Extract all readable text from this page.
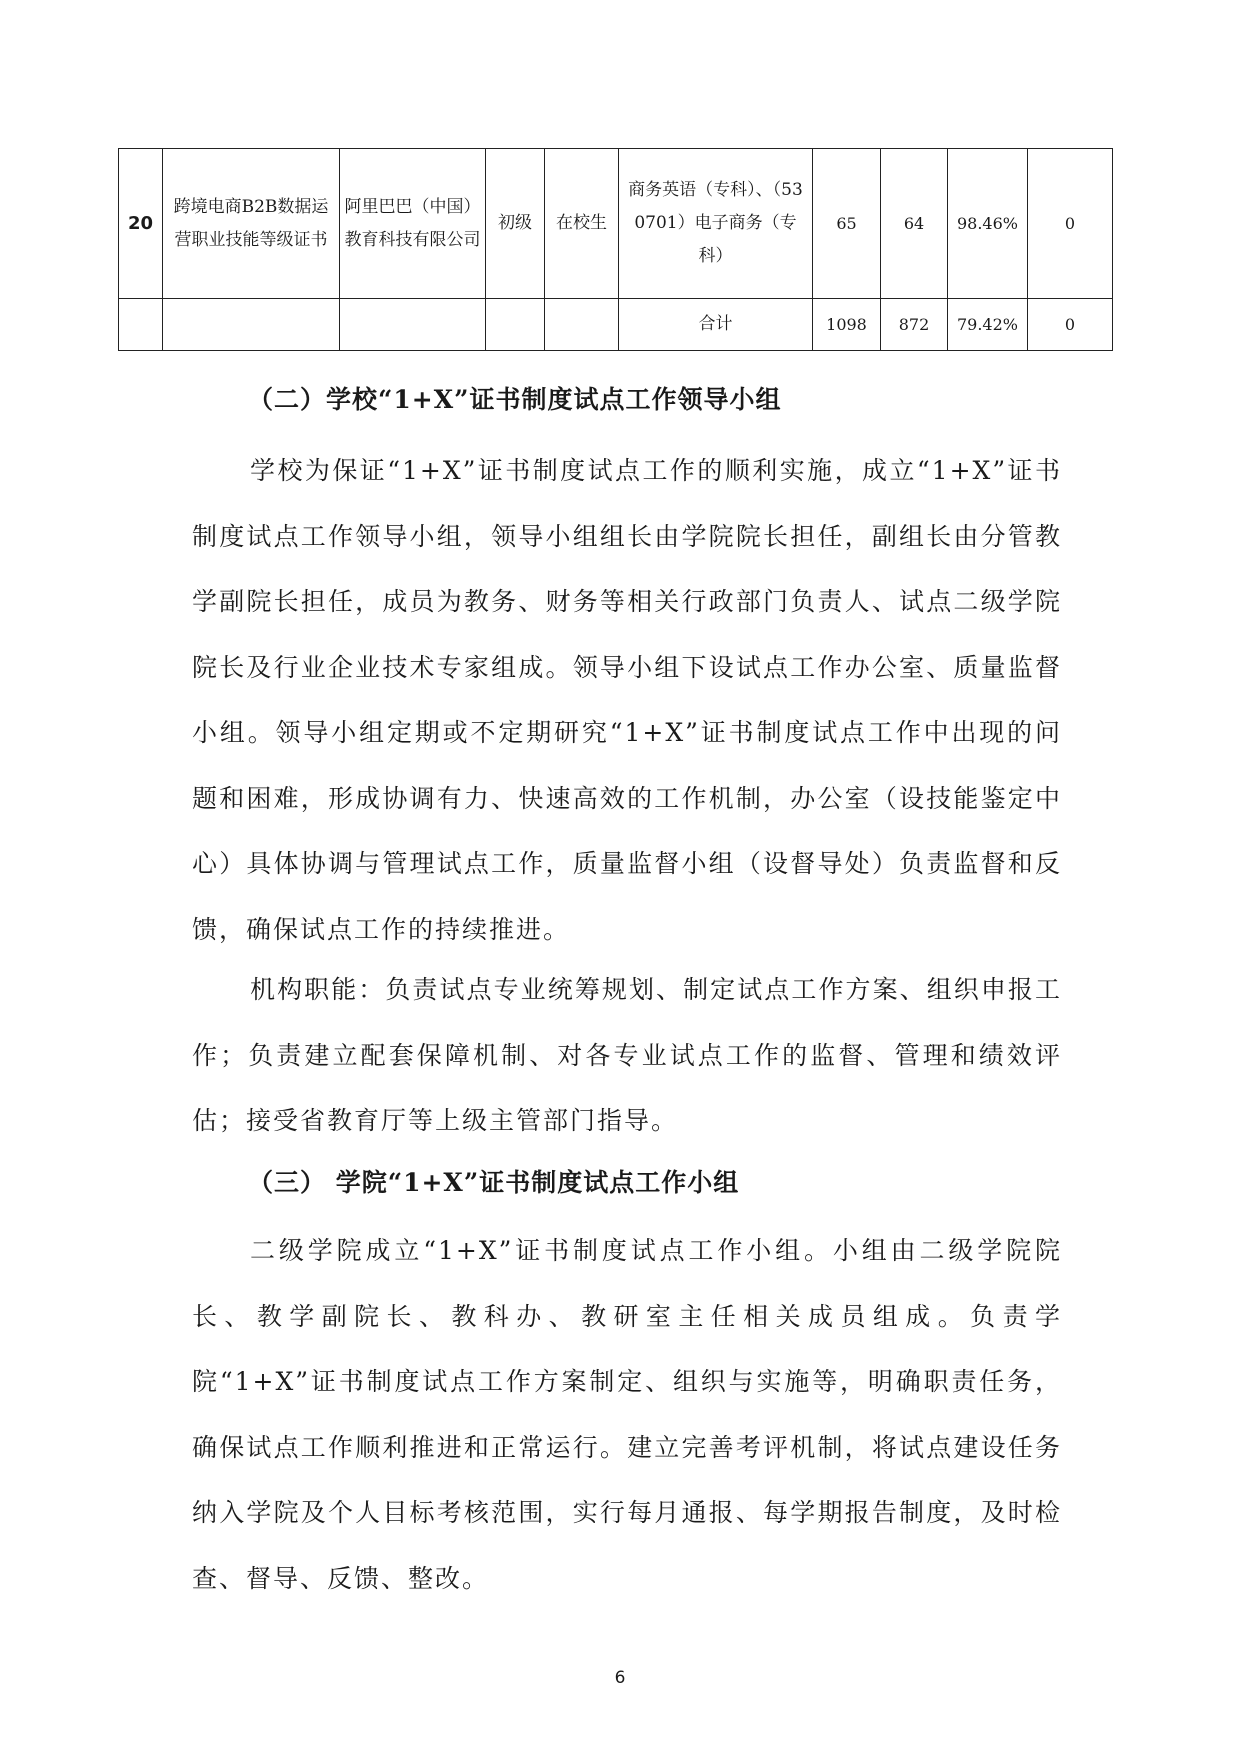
20	跨境电商B2B数据运营职业技能等级证书	阿里巴巴（中国）教育科技有限公司	初级	在校生	商务英语（专科）、（530701）电子商务（专科）	65	64	98.46%	0
					合计	1098	872	79.42%	0
（二）学校“1+X”证书制度试点工作领导小组

学校为保证“1+X”证书制度试点工作的顺利实施，成立“1+X”证书制度试点工作领导小组，领导小组组长由学院院长担任，副组长由分管教学副院长担任，成员为教务、财务等相关行政部门负责人、试点二级学院院长及行业企业技术专家组成。领导小组下设试点工作办公室、质量监督小组。领导小组定期或不定期研究“1+X”证书制度试点工作中出现的问题和困难，形成协调有力、快速高效的工作机制，办公室（设技能鉴定中心）具体协调与管理试点工作，质量监督小组（设督导处）负责监督和反馈，确保试点工作的持续推进。

机构职能：负责试点专业统筹规划、制定试点工作方案、组织申报工作；负责建立配套保障机制、对各专业试点工作的监督、管理和绩效评估；接受省教育厅等上级主管部门指导。

（三） 学院“1+X”证书制度试点工作小组

二级学院成立“1+X”证书制度试点工作小组。小组由二级学院院长、教学副院长、教科办、教研室主任相关成员组成。负责学院“1+X”证书制度试点工作方案制定、组织与实施等，明确职责任务，确保试点工作顺利推进和正常运行。建立完善考评机制，将试点建设任务纳入学院及个人目标考核范围，实行每月通报、每学期报告制度，及时检查、督导、反馈、整改。

6
